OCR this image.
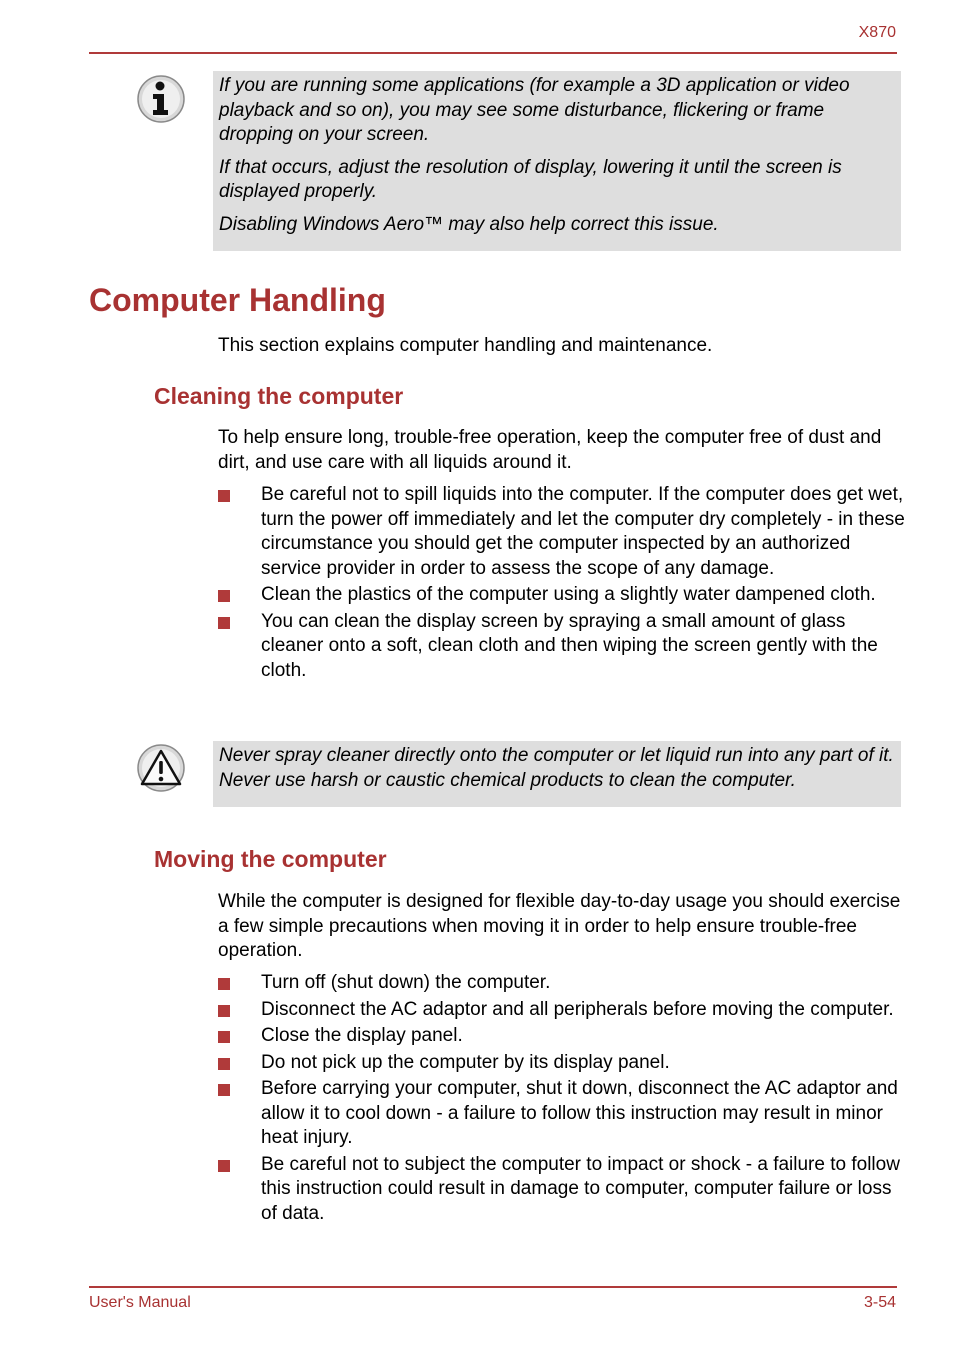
X870

If you are running some applications (for example a 3D application or video playback and so on), you may see some disturbance, flickering or frame dropping on your screen.

If that occurs, adjust the resolution of display, lowering it until the screen is displayed properly.

Disabling Windows Aero™ may also help correct this issue.

Computer Handling

This section explains computer handling and maintenance.

Cleaning the computer

To help ensure long, trouble-free operation, keep the computer free of dust and dirt, and use care with all liquids around it.

Be careful not to spill liquids into the computer. If the computer does get wet, turn the power off immediately and let the computer dry completely - in these circumstance you should get the computer inspected by an authorized service provider in order to assess the scope of any damage.
Clean the plastics of the computer using a slightly water dampened cloth.
You can clean the display screen by spraying a small amount of glass cleaner onto a soft, clean cloth and then wiping the screen gently with the cloth.

Never spray cleaner directly onto the computer or let liquid run into any part of it. Never use harsh or caustic chemical products to clean the computer.

Moving the computer

While the computer is designed for flexible day-to-day usage you should exercise a few simple precautions when moving it in order to help ensure trouble-free operation.

Turn off (shut down) the computer.
Disconnect the AC adaptor and all peripherals before moving the computer.
Close the display panel.
Do not pick up the computer by its display panel.
Before carrying your computer, shut it down, disconnect the AC adaptor and allow it to cool down - a failure to follow this instruction may result in minor heat injury.
Be careful not to subject the computer to impact or shock - a failure to follow this instruction could result in damage to computer, computer failure or loss of data.
User's Manual	3-54
